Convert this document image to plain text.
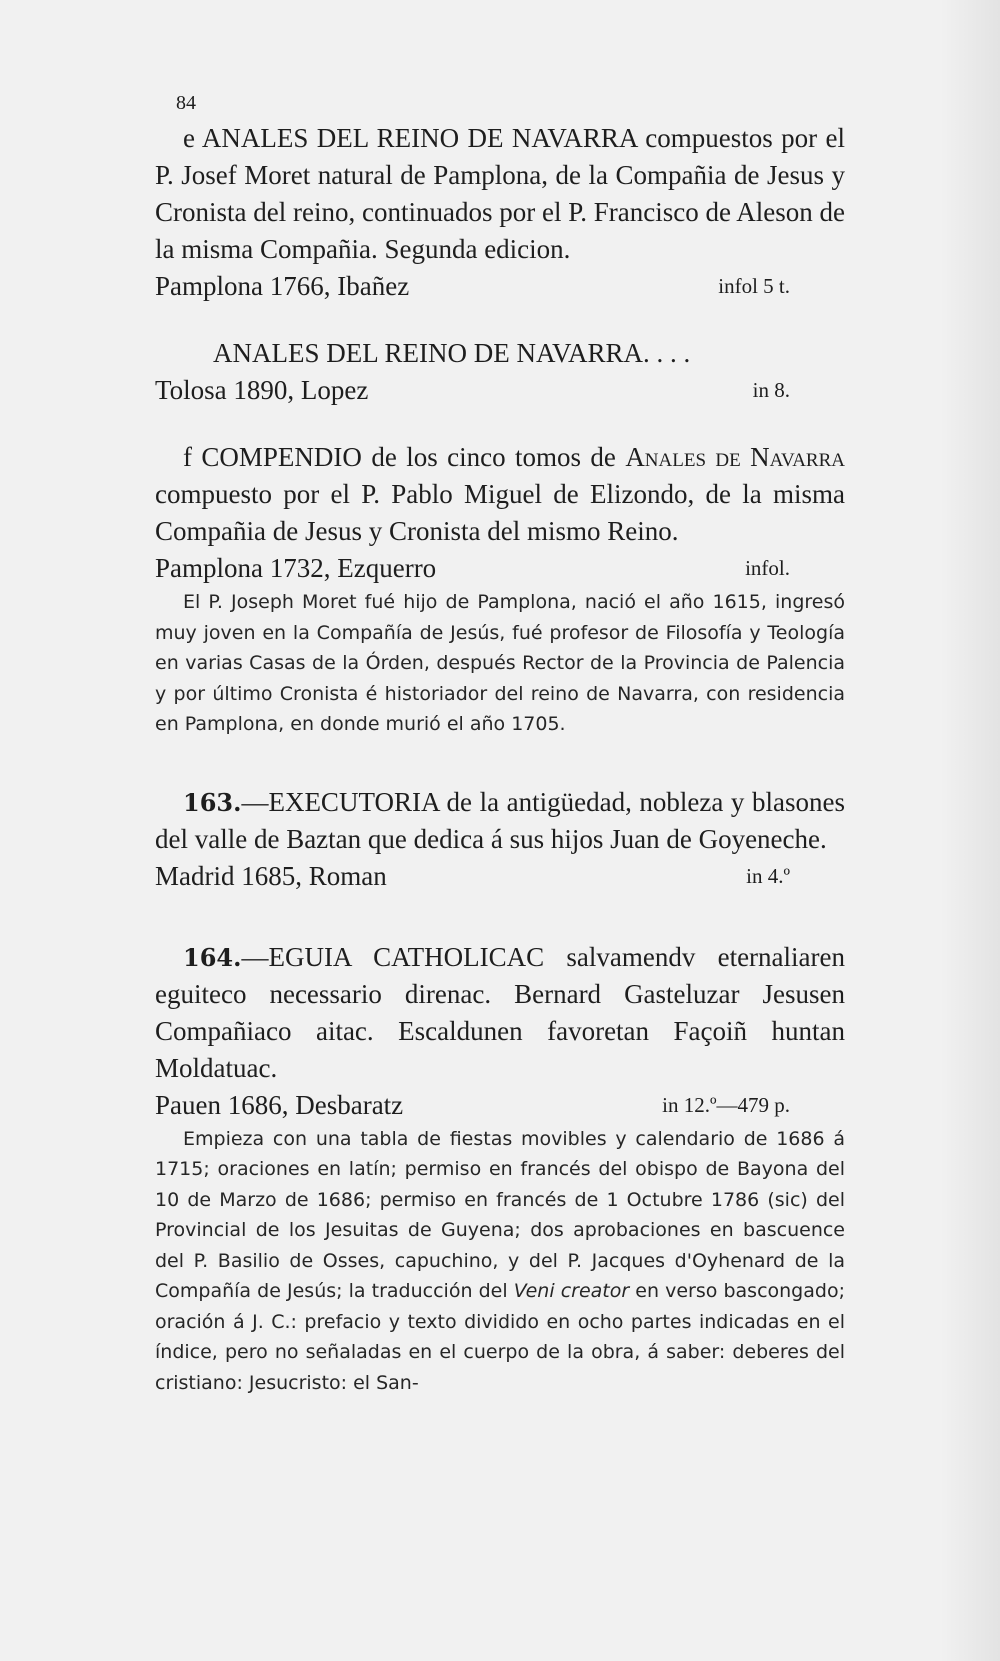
84

e ANALES DEL REINO DE NAVARRA compuestos por el P. Josef Moret natural de Pamplona, de la Compañia de Jesus y Cronista del reino, continuados por el P. Francisco de Aleson de la misma Compañia. Segunda edicion.

Pamplona 1766, Ibañez	infol 5 t.

ANALES DEL REINO DE NAVARRA. . . .

Tolosa 1890, Lopez	in 8.

f COMPENDIO de los cinco tomos de Anales de Navarra compuesto por el P. Pablo Miguel de Elizondo, de la misma Compañia de Jesus y Cronista del mismo Reino.

Pamplona 1732, Ezquerro	infol.

El P. Joseph Moret fué hijo de Pamplona, nació el año 1615, ingresó muy joven en la Compañía de Jesús, fué profesor de Filosofía y Teología en varias Casas de la Órden, después Rector de la Provincia de Palencia y por último Cronista é historiador del reino de Navarra, con residencia en Pamplona, en donde murió el año 1705.

163.—EXECUTORIA de la antigüedad, nobleza y blasones del valle de Baztan que dedica á sus hijos Juan de Goyeneche.

Madrid 1685, Roman	in 4.º

164.—EGUIA CATHOLICAC salvamendv eternaliaren eguiteco necessario direnac. Bernard Gasteluzar Jesusen Compañiaco aitac. Escaldunen favoretan Façoiñ huntan Moldatuac.

Pauen 1686, Desbaratz	in 12.º—479 p.

Empieza con una tabla de fiestas movibles y calendario de 1686 á 1715; oraciones en latín; permiso en francés del obispo de Bayona del 10 de Marzo de 1686; permiso en francés de 1 Octubre 1786 (sic) del Provincial de los Jesuitas de Guyena; dos aprobaciones en bascuence del P. Basilio de Osses, capuchino, y del P. Jacques d'Oyhenard de la Compañía de Jesús; la traducción del Veni creator en verso bascongado; oración á J. C.: prefacio y texto dividido en ocho partes indicadas en el índice, pero no señaladas en el cuerpo de la obra, á saber: deberes del cristiano: Jesucristo: el San-
